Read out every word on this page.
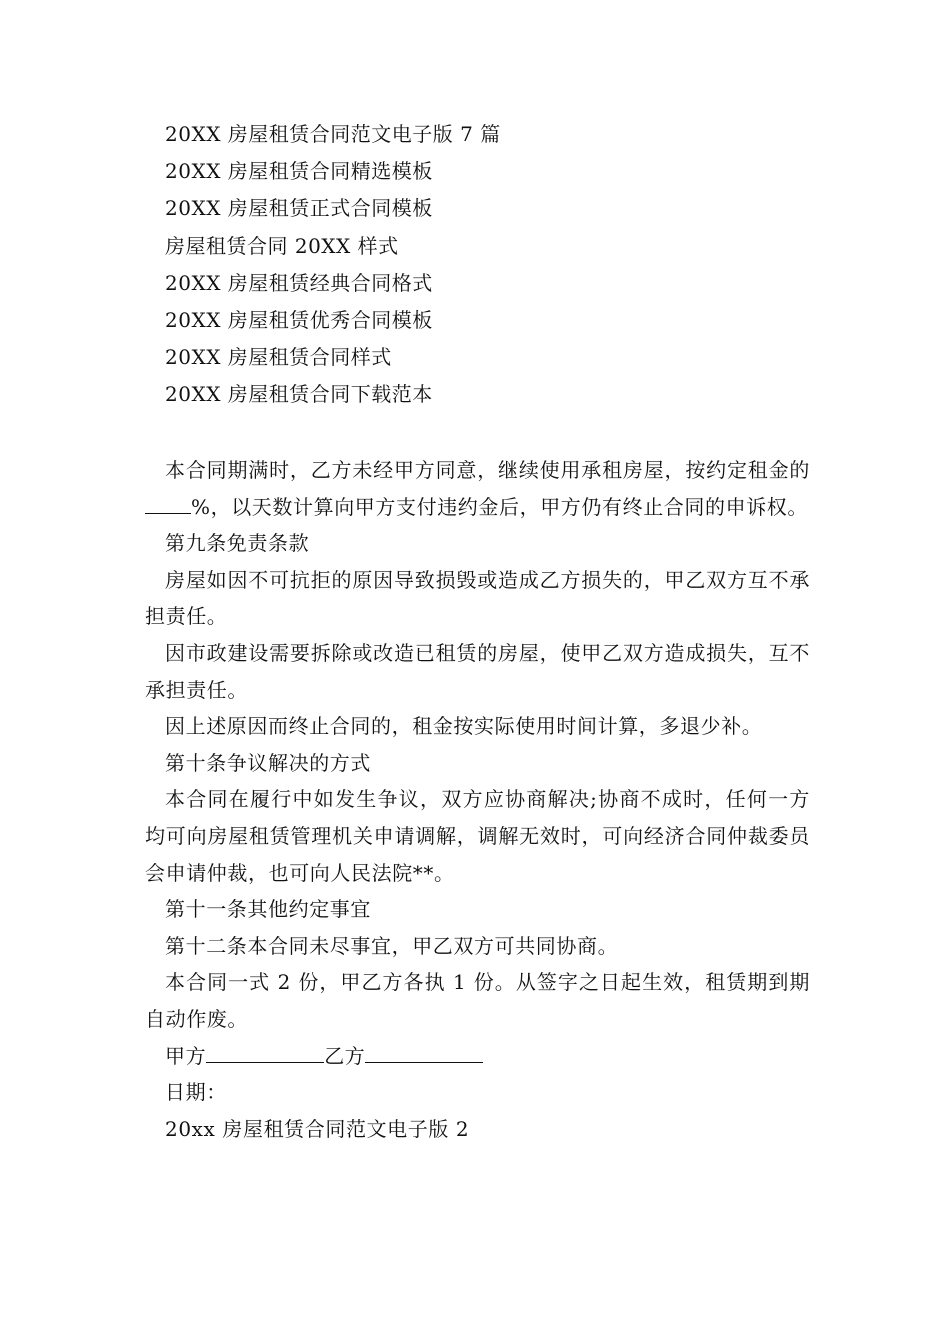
20XX 房屋租赁合同范文电子版 7 篇
20XX 房屋租赁合同精选模板
20XX 房屋租赁正式合同模板
房屋租赁合同 20XX 样式
20XX 房屋租赁经典合同格式
20XX 房屋租赁优秀合同模板
20XX 房屋租赁合同样式
20XX 房屋租赁合同下载范本

本合同期满时，乙方未经甲方同意，继续使用承租房屋，按约定租金的%，以天数计算向甲方支付违约金后，甲方仍有终止合同的申诉权。

第九条免责条款

房屋如因不可抗拒的原因导致损毁或造成乙方损失的，甲乙双方互不承担责任。

因市政建设需要拆除或改造已租赁的房屋，使甲乙双方造成损失，互不承担责任。

因上述原因而终止合同的，租金按实际使用时间计算，多退少补。

第十条争议解决的方式

本合同在履行中如发生争议，双方应协商解决;协商不成时，任何一方均可向房屋租赁管理机关申请调解，调解无效时，可向经济合同仲裁委员会申请仲裁，也可向人民法院**。

第十一条其他约定事宜

第十二条本合同未尽事宜，甲乙双方可共同协商。

本合同一式 2 份，甲乙方各执 1 份。从签字之日起生效，租赁期到期自动作废。

甲方	乙方

日期：

20xx 房屋租赁合同范文电子版 2
